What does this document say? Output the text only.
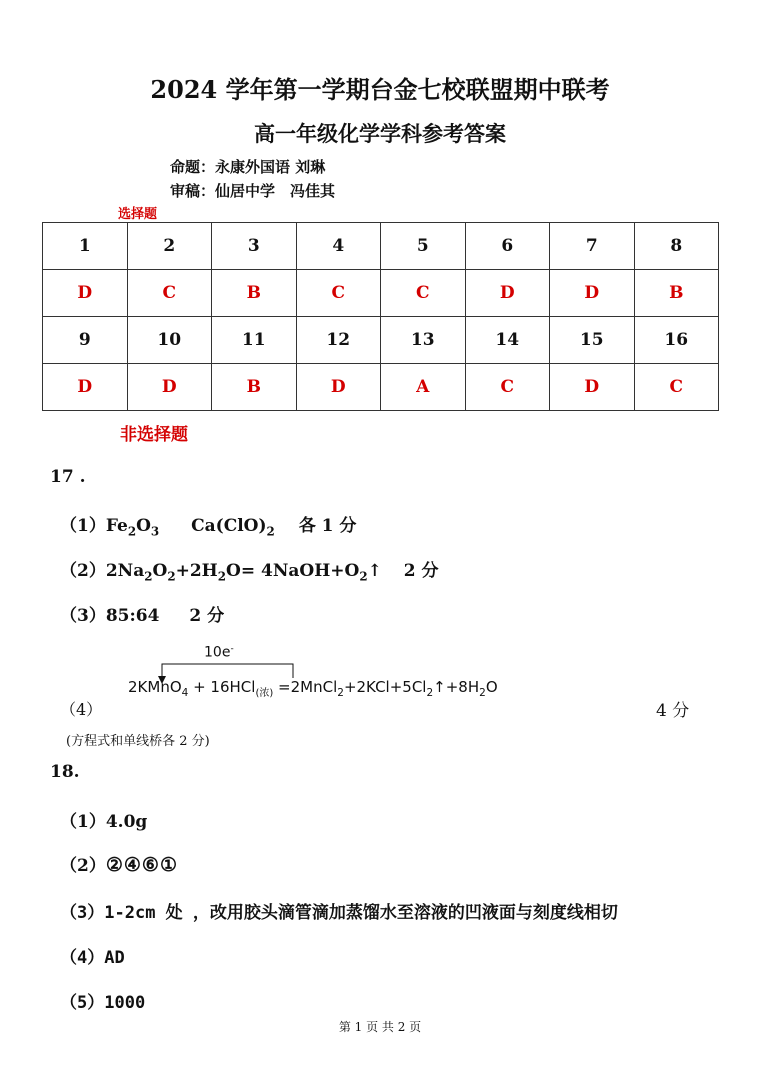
2024 学年第一学期台金七校联盟期中联考
高一年级化学学科参考答案
命题：永康外国语 刘琳
审稿：仙居中学　冯佳其
选择题
1	2	3	4	5	6	7	8
D	C	B	C	C	D	D	B
9	10	11	12	13	14	15	16
D	D	B	D	A	C	D	C
非选择题
17 .
$(1)Fe_2O_3$ $Ca(ClO)_2$ 各 1 分
$(2)2Na_2O_2+2H_2O=$ $4NaOH+O_2↑$ 2 分
（3）85:64 2 分
10e-
2KMnO$_4$ + $16HCl_{(浓)} =2MnCl_2+2KCl+5Cl_2↑+8H_2O$
（4）	4 分
(方程式和单线桥各 2 分)
18.
（1）4.0g
（2）②④⑥①
（3）1-2cm 处 ，改用胶头滴管滴加蒸馏水至溶液的凹液面与刻度线相切
（4）AD
（5）1000
第 1 页 共 2 页
